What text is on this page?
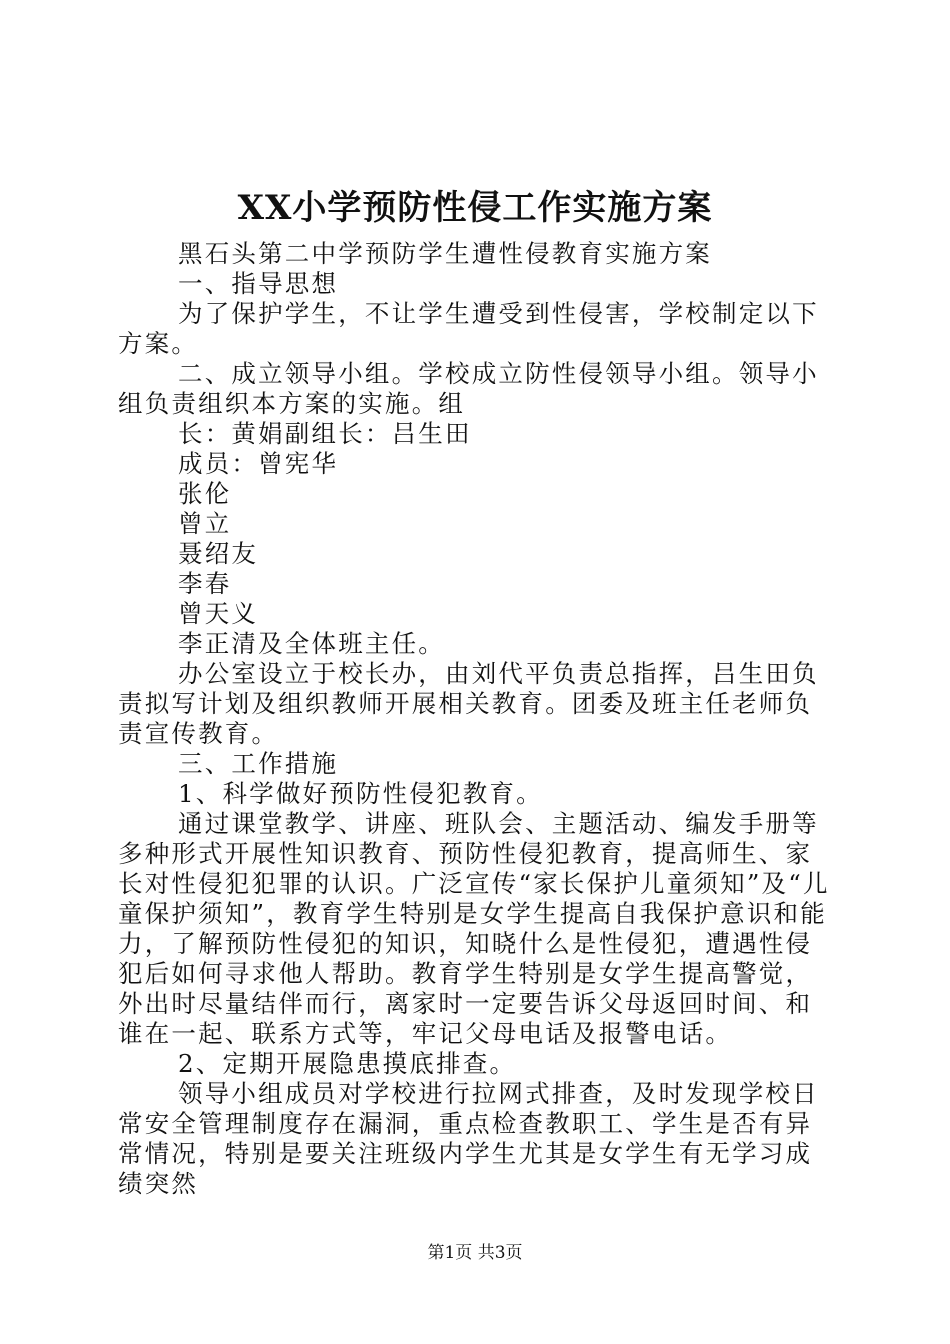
XX小学预防性侵工作实施方案

黑石头第二中学预防学生遭性侵教育实施方案

一、指导思想

为了保护学生，不让学生遭受到性侵害，学校制定以下方案。

二、成立领导小组。学校成立防性侵领导小组。领导小组负责组织本方案的实施。组

长：黄娟副组长：吕生田

成员：曾宪华

张伦

曾立

聂绍友

李春

曾天义

李正清及全体班主任。

办公室设立于校长办，由刘代平负责总指挥，吕生田负责拟写计划及组织教师开展相关教育。团委及班主任老师负责宣传教育。

三、工作措施

1、科学做好预防性侵犯教育。

通过课堂教学、讲座、班队会、主题活动、编发手册等多种形式开展性知识教育、预防性侵犯教育，提高师生、家长对性侵犯犯罪的认识。广泛宣传“家长保护儿童须知”及“儿童保护须知”，教育学生特别是女学生提高自我保护意识和能力，了解预防性侵犯的知识，知晓什么是性侵犯，遭遇性侵犯后如何寻求他人帮助。教育学生特别是女学生提高警觉，外出时尽量结伴而行，离家时一定要告诉父母返回时间、和谁在一起、联系方式等，牢记父母电话及报警电话。

2、定期开展隐患摸底排查。

领导小组成员对学校进行拉网式排查，及时发现学校日常安全管理制度存在漏洞，重点检查教职工、学生是否有异常情况，特别是要关注班级内学生尤其是女学生有无学习成绩突然

第1页 共3页
